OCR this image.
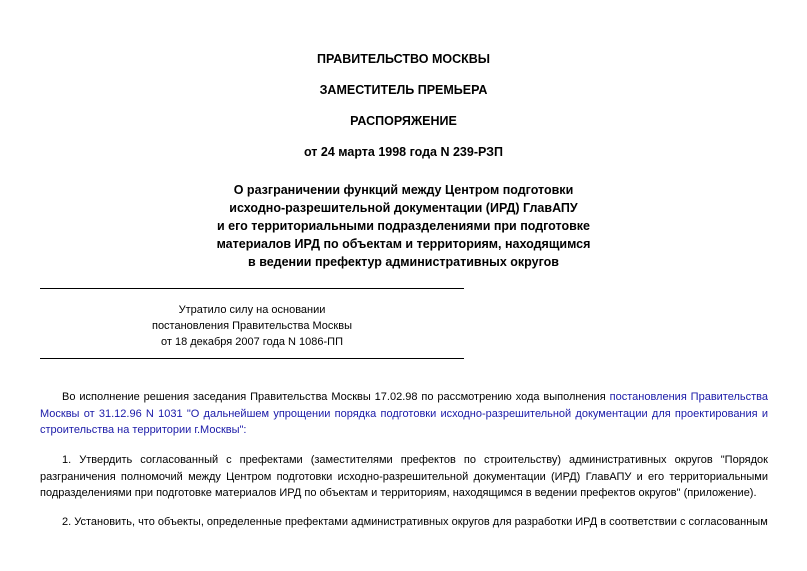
ПРАВИТЕЛЬСТВО МОСКВЫ
ЗАМЕСТИТЕЛЬ ПРЕМЬЕРА
РАСПОРЯЖЕНИЕ
от 24 марта 1998 года N 239-РЗП
О разграничении функций между Центром подготовки
исходно-разрешительной документации (ИРД) ГлавАПУ
и его территориальными подразделениями при подготовке
материалов ИРД по объектам и территориям, находящимся
в ведении префектур административных округов
Утратило силу на основании
постановления Правительства Москвы
от 18 декабря 2007 года N 1086-ПП
Во исполнение решения заседания Правительства Москвы 17.02.98 по рассмотрению хода выполнения постановления Правительства Москвы от 31.12.96 N 1031 "О дальнейшем упрощении порядка подготовки исходно-разрешительной документации для проектирования и строительства на территории г.Москвы":
1. Утвердить согласованный с префектами (заместителями префектов по строительству) административных округов "Порядок разграничения полномочий между Центром подготовки исходно-разрешительной документации (ИРД) ГлавАПУ и его территориальными подразделениями при подготовке материалов ИРД по объектам и территориям, находящимся в ведении префектов округов" (приложение).
2. Установить, что объекты, определенные префектами административных округов для разработки ИРД в соответствии с согласованным
